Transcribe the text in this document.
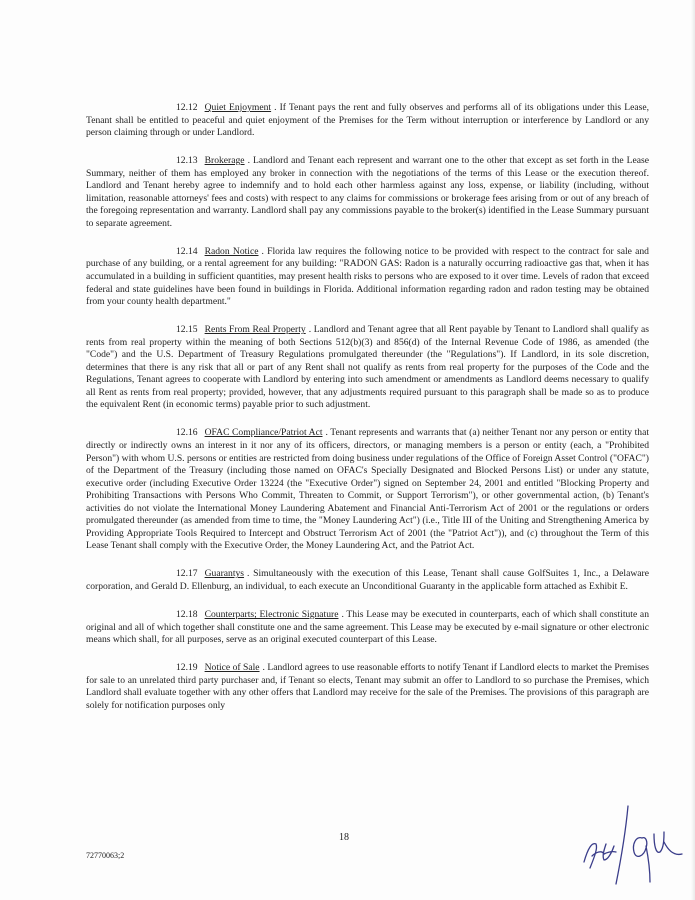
12.12 Quiet Enjoyment . If Tenant pays the rent and fully observes and performs all of its obligations under this Lease, Tenant shall be entitled to peaceful and quiet enjoyment of the Premises for the Term without interruption or interference by Landlord or any person claiming through or under Landlord.

12.13 Brokerage . Landlord and Tenant each represent and warrant one to the other that except as set forth in the Lease Summary, neither of them has employed any broker in connection with the negotiations of the terms of this Lease or the execution thereof. Landlord and Tenant hereby agree to indemnify and to hold each other harmless against any loss, expense, or liability (including, without limitation, reasonable attorneys' fees and costs) with respect to any claims for commissions or brokerage fees arising from or out of any breach of the foregoing representation and warranty. Landlord shall pay any commissions payable to the broker(s) identified in the Lease Summary pursuant to separate agreement.

12.14 Radon Notice . Florida law requires the following notice to be provided with respect to the contract for sale and purchase of any building, or a rental agreement for any building: "RADON GAS: Radon is a naturally occurring radioactive gas that, when it has accumulated in a building in sufficient quantities, may present health risks to persons who are exposed to it over time. Levels of radon that exceed federal and state guidelines have been found in buildings in Florida. Additional information regarding radon and radon testing may be obtained from your county health department."

12.15 Rents From Real Property . Landlord and Tenant agree that all Rent payable by Tenant to Landlord shall qualify as rents from real property within the meaning of both Sections 512(b)(3) and 856(d) of the Internal Revenue Code of 1986, as amended (the "Code") and the U.S. Department of Treasury Regulations promulgated thereunder (the "Regulations"). If Landlord, in its sole discretion, determines that there is any risk that all or part of any Rent shall not qualify as rents from real property for the purposes of the Code and the Regulations, Tenant agrees to cooperate with Landlord by entering into such amendment or amendments as Landlord deems necessary to qualify all Rent as rents from real property; provided, however, that any adjustments required pursuant to this paragraph shall be made so as to produce the equivalent Rent (in economic terms) payable prior to such adjustment.

12.16 OFAC Compliance/Patriot Act . Tenant represents and warrants that (a) neither Tenant nor any person or entity that directly or indirectly owns an interest in it nor any of its officers, directors, or managing members is a person or entity (each, a "Prohibited Person") with whom U.S. persons or entities are restricted from doing business under regulations of the Office of Foreign Asset Control ("OFAC") of the Department of the Treasury (including those named on OFAC's Specially Designated and Blocked Persons List) or under any statute, executive order (including Executive Order 13224 (the "Executive Order") signed on September 24, 2001 and entitled "Blocking Property and Prohibiting Transactions with Persons Who Commit, Threaten to Commit, or Support Terrorism"), or other governmental action, (b) Tenant's activities do not violate the International Money Laundering Abatement and Financial Anti-Terrorism Act of 2001 or the regulations or orders promulgated thereunder (as amended from time to time, the "Money Laundering Act") (i.e., Title III of the Uniting and Strengthening America by Providing Appropriate Tools Required to Intercept and Obstruct Terrorism Act of 2001 (the "Patriot Act")), and (c) throughout the Term of this Lease Tenant shall comply with the Executive Order, the Money Laundering Act, and the Patriot Act.

12.17 Guarantys . Simultaneously with the execution of this Lease, Tenant shall cause GolfSuites 1, Inc., a Delaware corporation, and Gerald D. Ellenburg, an individual, to each execute an Unconditional Guaranty in the applicable form attached as Exhibit E.

12.18 Counterparts; Electronic Signature . This Lease may be executed in counterparts, each of which shall constitute an original and all of which together shall constitute one and the same agreement. This Lease may be executed by e-mail signature or other electronic means which shall, for all purposes, serve as an original executed counterpart of this Lease.

12.19 Notice of Sale . Landlord agrees to use reasonable efforts to notify Tenant if Landlord elects to market the Premises for sale to an unrelated third party purchaser and, if Tenant so elects, Tenant may submit an offer to Landlord to so purchase the Premises, which Landlord shall evaluate together with any other offers that Landlord may receive for the sale of the Premises. The provisions of this paragraph are solely for notification purposes only

18
72770063;2
